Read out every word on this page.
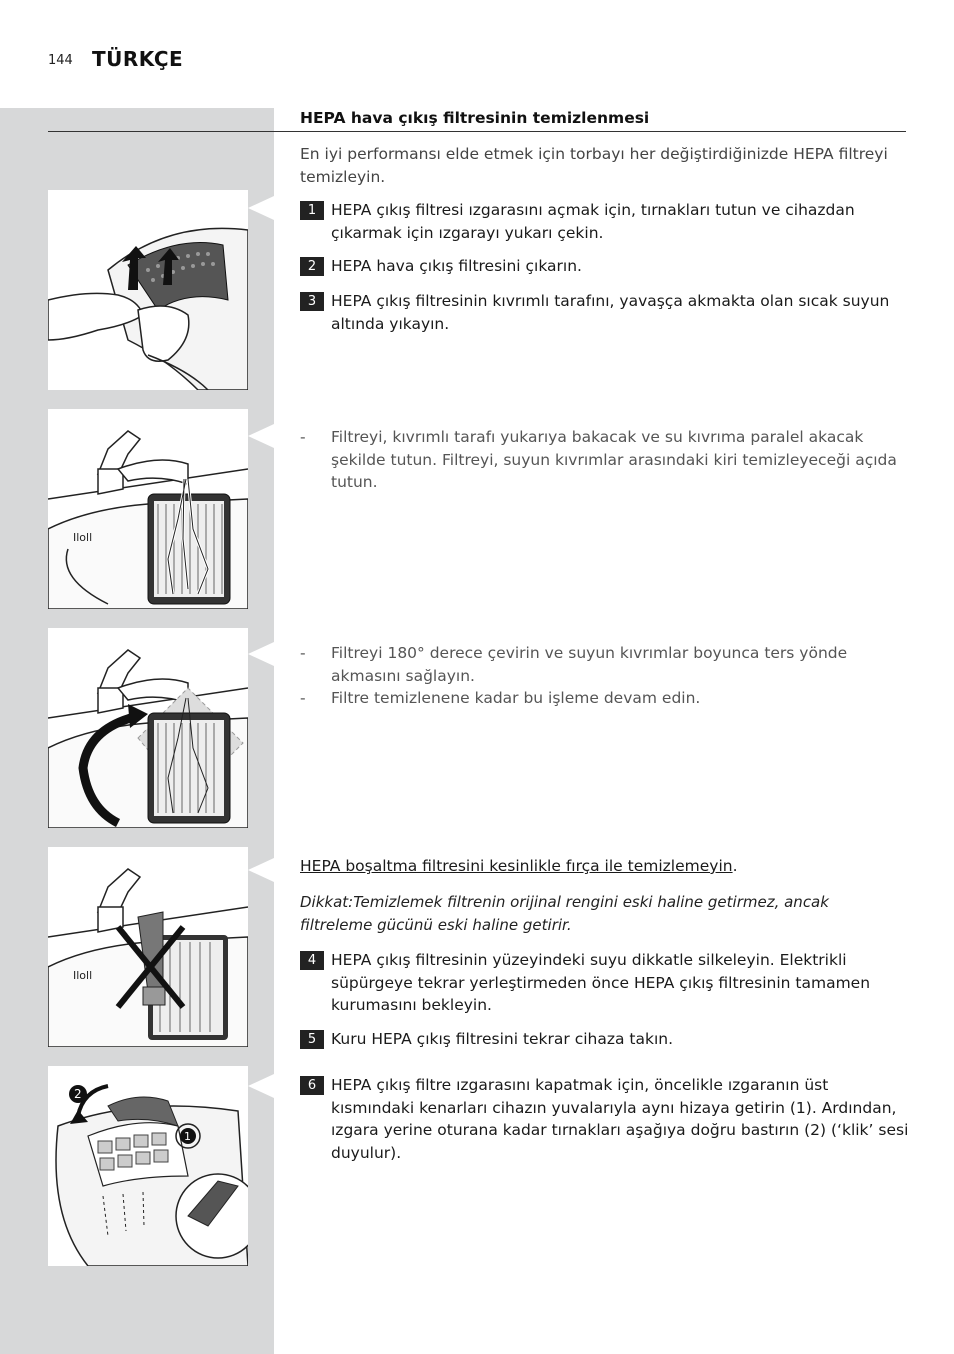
144 TÜRKÇE
Iloll
Iloll
2
1
HEPA hava çıkış filtresinin temizlenmesi
En iyi performansı elde etmek için torbayı her değiştirdiğinizde HEPA filtreyi temizleyin.
1 HEPA çıkış filtresi ızgarasını açmak için, tırnakları tutun ve cihazdan çıkarmak için ızgarayı yukarı çekin.
2 HEPA hava çıkış filtresini çıkarın.
3 HEPA çıkış filtresinin kıvrımlı tarafını, yavaşça akmakta olan sıcak suyun altında yıkayın.
- Filtreyi, kıvrımlı tarafı yukarıya bakacak ve su kıvrıma paralel akacak şekilde tutun. Filtreyi, suyun kıvrımlar arasındaki kiri temizleyeceği açıda tutun.
- Filtreyi 180° derece çevirin ve suyun kıvrımlar boyunca ters yönde akmasını sağlayın.
- Filtre temizlenene kadar bu işleme devam edin.
HEPA boşaltma filtresini kesinlikle fırça ile temizlemeyin.
Dikkat:Temizlemek filtrenin orijinal rengini eski haline getirmez, ancak filtreleme gücünü eski haline getirir.
4 HEPA çıkış filtresinin yüzeyindeki suyu dikkatle silkeleyin. Elektrikli süpürgeye tekrar yerleştirmeden önce HEPA çıkış filtresinin tamamen kurumasını bekleyin.
5 Kuru HEPA çıkış filtresini tekrar cihaza takın.
6 HEPA çıkış filtre ızgarasını kapatmak için, öncelikle ızgaranın üst kısmındaki kenarları cihazın yuvalarıyla aynı hizaya getirin (1). Ardından, ızgara yerine oturana kadar tırnakları aşağıya doğru bastırın (2) (‘klik’ sesi duyulur).
